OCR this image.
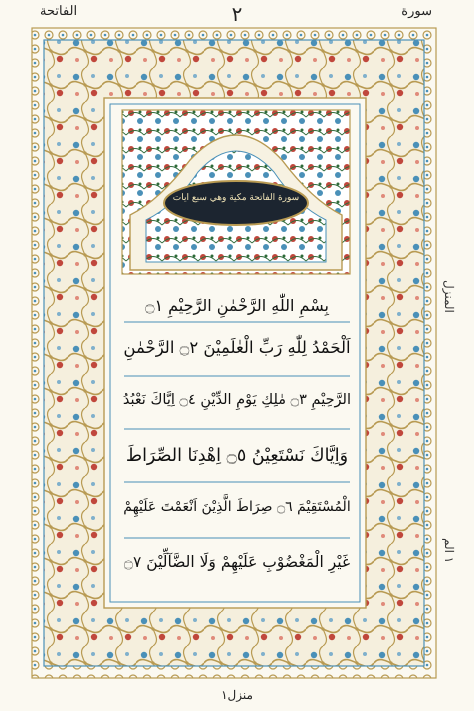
الفاتحة	٢	سورة
المنزل
١ الم
سورة الفاتحة مكية وهي سبع آيات
بِسْمِ اللّٰهِ الرَّحْمٰنِ الرَّحِیْمِ ۝١
اَلْحَمْدُ لِلّٰهِ رَبِّ الْعٰلَمِیْنَ ۝٢ الرَّحْمٰنِ
الرَّحِیْمِ ۝٣ مٰلِكِ یَوْمِ الدِّیْنِ ۝٤ اِیَّاكَ نَعْبُدُ
وَاِیَّاكَ نَسْتَعِیْنُ ۝٥ اِهْدِنَا الصِّرَاطَ
الْمُسْتَقِیْمَ ۝٦ صِرَاطَ الَّذِیْنَ اَنْعَمْتَ عَلَیْهِمْ
غَیْرِ الْمَغْضُوْبِ عَلَیْهِمْ وَلَا الضَّآلِّیْنَ ۝٧
منزل١
